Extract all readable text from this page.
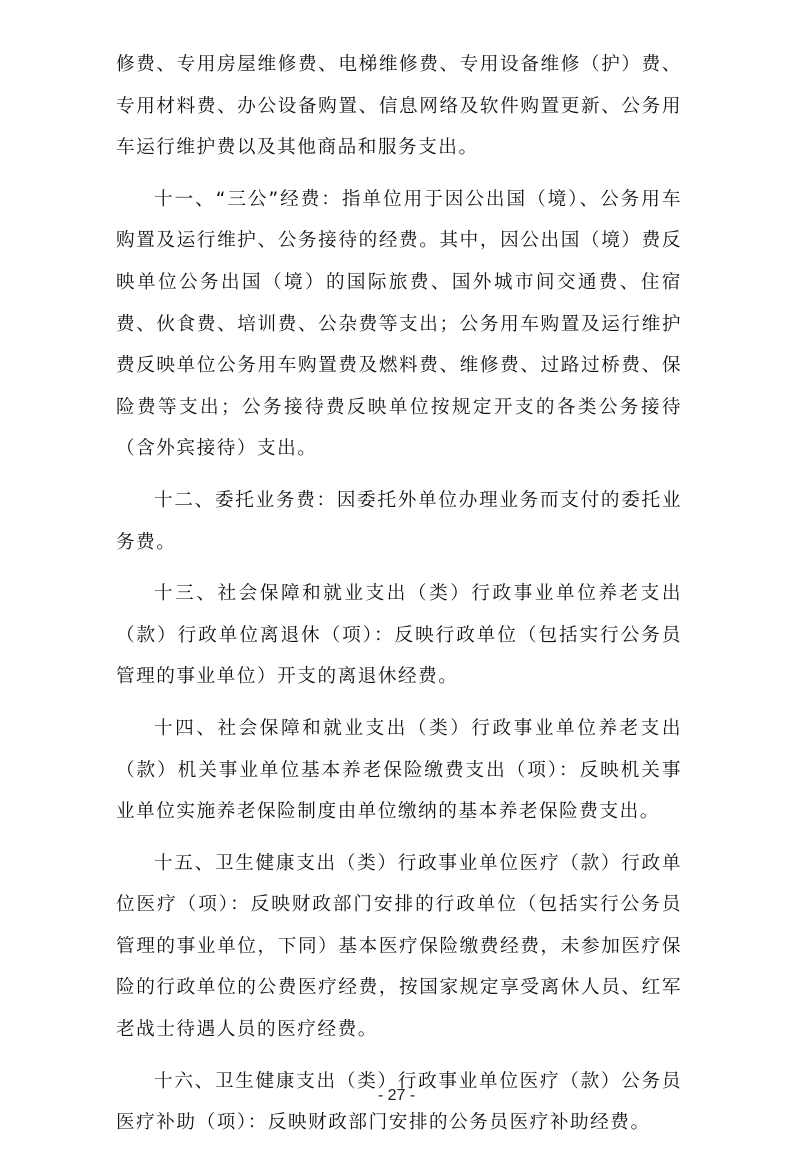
修费、专用房屋维修费、电梯维修费、专用设备维修（护）费、专用材料费、办公设备购置、信息网络及软件购置更新、公务用车运行维护费以及其他商品和服务支出。

十一、“三公”经费：指单位用于因公出国（境）、公务用车购置及运行维护、公务接待的经费。其中，因公出国（境）费反映单位公务出国（境）的国际旅费、国外城市间交通费、住宿费、伙食费、培训费、公杂费等支出；公务用车购置及运行维护费反映单位公务用车购置费及燃料费、维修费、过路过桥费、保险费等支出；公务接待费反映单位按规定开支的各类公务接待（含外宾接待）支出。

十二、委托业务费：因委托外单位办理业务而支付的委托业务费。

十三、社会保障和就业支出（类）行政事业单位养老支出（款）行政单位离退休（项）：反映行政单位（包括实行公务员管理的事业单位）开支的离退休经费。

十四、社会保障和就业支出（类）行政事业单位养老支出（款）机关事业单位基本养老保险缴费支出（项）：反映机关事业单位实施养老保险制度由单位缴纳的基本养老保险费支出。

十五、卫生健康支出（类）行政事业单位医疗（款）行政单位医疗（项）：反映财政部门安排的行政单位（包括实行公务员管理的事业单位，下同）基本医疗保险缴费经费，未参加医疗保险的行政单位的公费医疗经费，按国家规定享受离休人员、红军老战士待遇人员的医疗经费。

十六、卫生健康支出（类）行政事业单位医疗（款）公务员医疗补助（项）：反映财政部门安排的公务员医疗补助经费。

- 27 -
